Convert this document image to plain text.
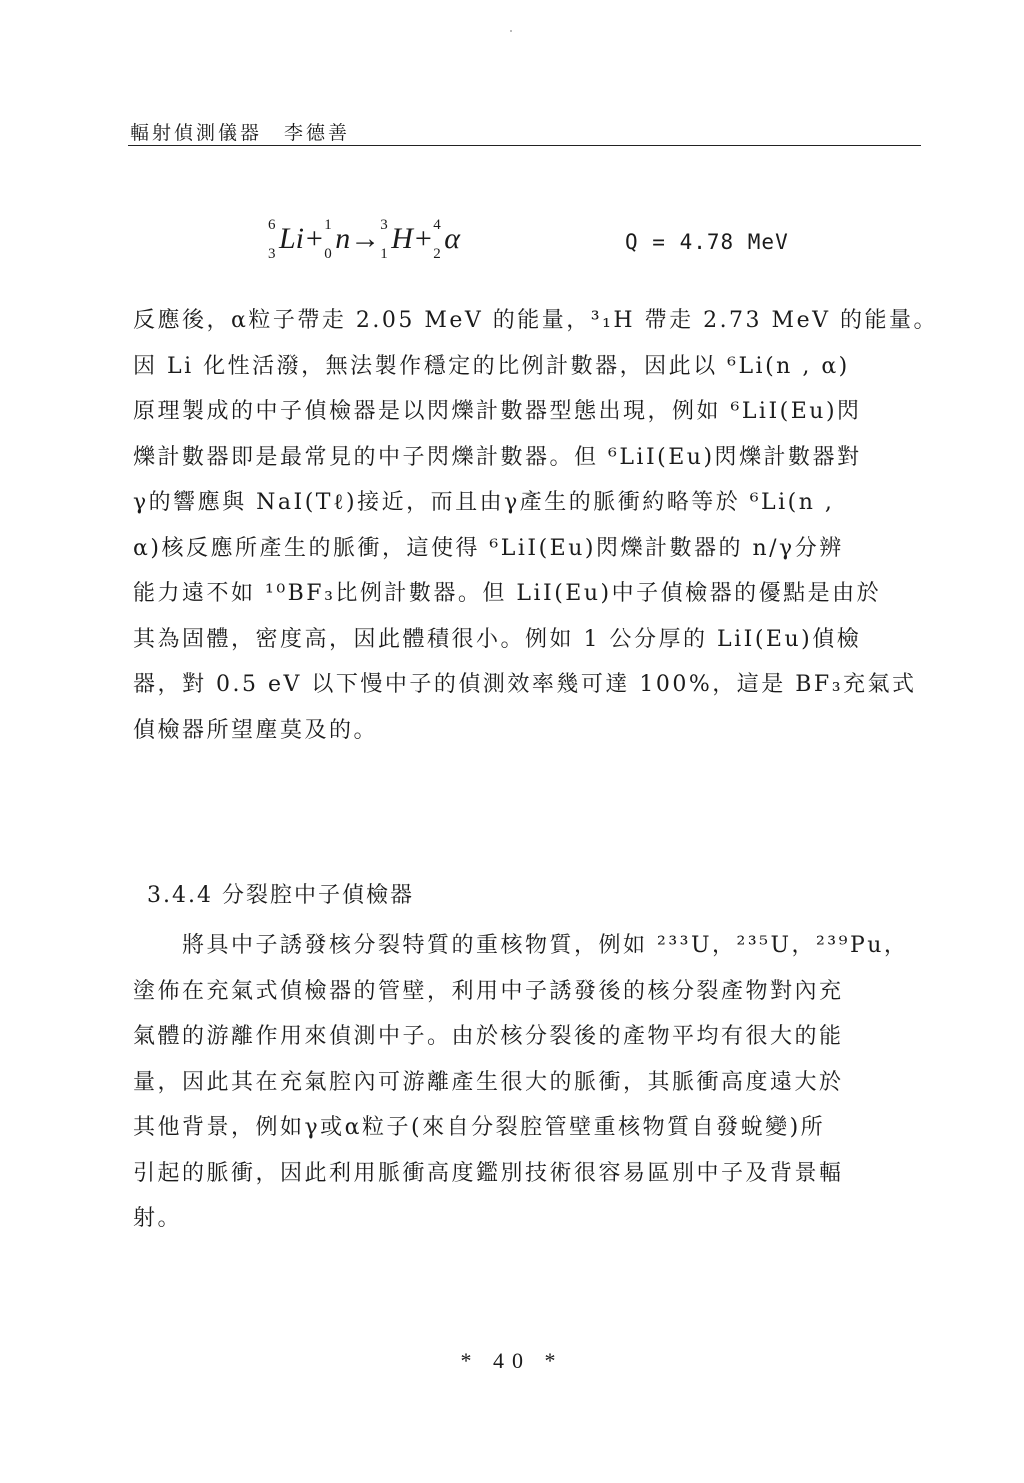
輻射偵測儀器 李德善
6
3 Li+ 1
0 n→ 3
1 H+ 4
2 α	Q = 4.78 MeV
反應後，α粒子帶走 2.05 MeV 的能量，³₁H 帶走 2.73 MeV 的能量。
因 Li 化性活潑，無法製作穩定的比例計數器，因此以 ⁶Li(n , α)
原理製成的中子偵檢器是以閃爍計數器型態出現，例如 ⁶LiI(Eu)閃
爍計數器即是最常見的中子閃爍計數器。但 ⁶LiI(Eu)閃爍計數器對
γ的響應與 NaI(Tℓ)接近，而且由γ產生的脈衝約略等於 ⁶Li(n ,
α)核反應所產生的脈衝，這使得 ⁶LiI(Eu)閃爍計數器的 n/γ分辨
能力遠不如 ¹⁰BF₃比例計數器。但 LiI(Eu)中子偵檢器的優點是由於
其為固體，密度高，因此體積很小。例如 1 公分厚的 LiI(Eu)偵檢
器，對 0.5 eV 以下慢中子的偵測效率幾可達 100%，這是 BF₃充氣式
偵檢器所望塵莫及的。
3.4.4 分裂腔中子偵檢器
　　將具中子誘發核分裂特質的重核物質，例如 ²³³U，²³⁵U，²³⁹Pu，
塗佈在充氣式偵檢器的管壁，利用中子誘發後的核分裂產物對內充
氣體的游離作用來偵測中子。由於核分裂後的產物平均有很大的能
量，因此其在充氣腔內可游離產生很大的脈衝，其脈衝高度遠大於
其他背景，例如γ或α粒子(來自分裂腔管壁重核物質自發蛻變)所
引起的脈衝，因此利用脈衝高度鑑別技術很容易區別中子及背景輻
射。
* 40 *
